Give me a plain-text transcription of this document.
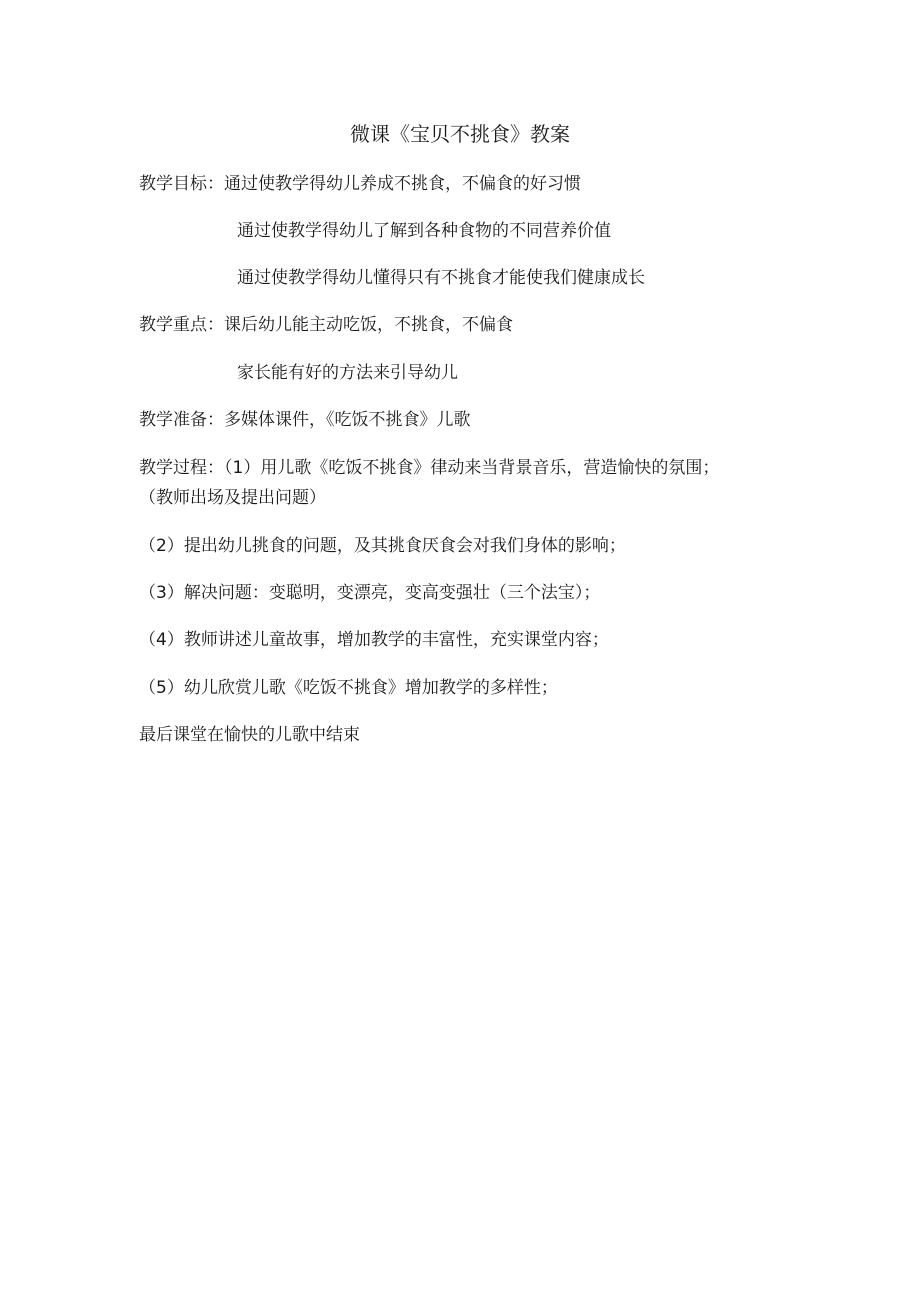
微课《宝贝不挑食》教案
教学目标：通过使教学得幼儿养成不挑食，不偏食的好习惯
通过使教学得幼儿了解到各种食物的不同营养价值
通过使教学得幼儿懂得只有不挑食才能使我们健康成长
教学重点：课后幼儿能主动吃饭，不挑食，不偏食
家长能有好的方法来引导幼儿
教学准备：多媒体课件，《吃饭不挑食》儿歌
教学过程：（1）用儿歌《吃饭不挑食》律动来当背景音乐，营造愉快的氛围；
（教师出场及提出问题）
（2）提出幼儿挑食的问题，及其挑食厌食会对我们身体的影响；
（3）解决问题：变聪明，变漂亮，变高变强壮（三个法宝）；
（4）教师讲述儿童故事，增加教学的丰富性，充实课堂内容；
（5）幼儿欣赏儿歌《吃饭不挑食》增加教学的多样性；
最后课堂在愉快的儿歌中结束
